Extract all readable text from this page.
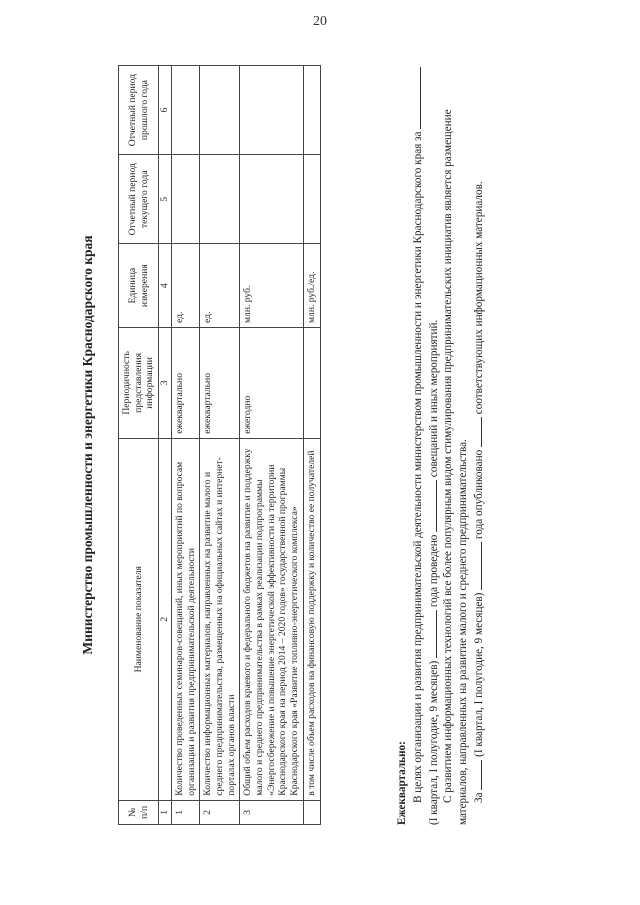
20
Министерство промышленности и энергетики Краснодарского края
№ п/п	Наименование показателя	Периодичность представления информации	Единица измерения	Отчетный период текущего года	Отчетный период прошлого года
1	2	3	4	5	6
1	Количество проведенных семинаров-совещаний, иных мероприятий по вопросам организации и развития предпринимательской деятельности	ежеквартально	ед.		
2	Количество информационных материалов, направленных на развитие малого и среднего предпринимательства, размещенных на официальных сайтах и интернет-порталах органов власти	ежеквартально	ед.		
3	Общий объем расходов краевого и федерального бюджетов на развитие и поддержку малого и среднего предпринимательства в рамках реализации подпрограммы «Энергосбережение и повышение энергетической эффективности на территории Краснодарского края на период 2014 – 2020 годов» государственной программы Краснодарского края «Развитие топливно-энергетического комплекса»	ежегодно	млн. руб.		
	в том числе объем расходов на финансовую поддержку и количество ее получателей		млн. руб./ед.		

Ежеквартально: В целях организации и развития предпринимательской деятельности министерством промышленности и энергетики Краснодарского края за (I квартал, I полугодие, 9 месяцев)  года проведено  совещаний и иных мероприятий. С развитием информационных технологий все более популярным видом стимулирования предпринимательских инициатив является размещение материалов, направленных на развитие малого и среднего предпринимательства. За  (I квартал, I полугодие, 9 месяцев)  года опубликовано  соответствующих информационных материалов.
